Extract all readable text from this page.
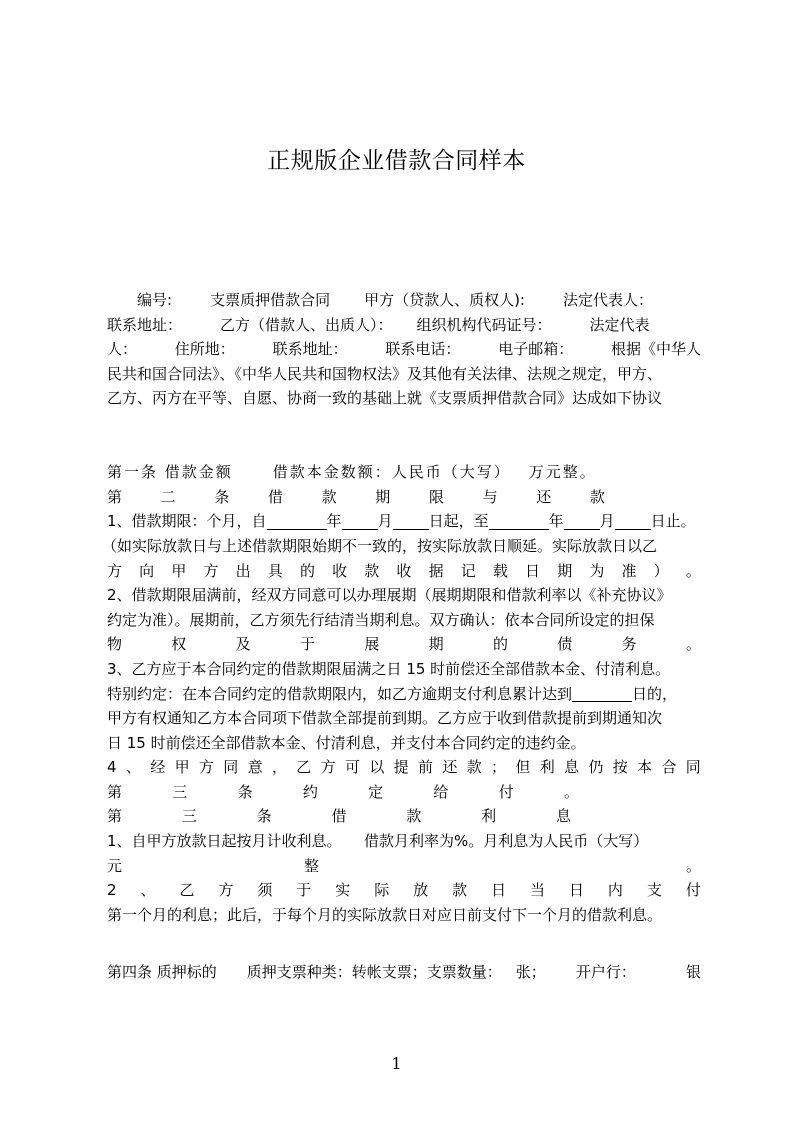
正规版企业借款合同样本
　　编号:	支票质押借款合同 甲方（贷款人、质权人):	法定代表人：
联系地址：	乙方（借款人、出质人）： 组织机构代码证号：	法定代表
人：	住所地：	联系地址：	联系电话：	电子邮箱：	根据《中华人
民共和国合同法》、《中华人民共和国物权法》及其他有关法律、法规之规定，甲方、
乙方、丙方在平等、自愿、协商一致的基础上就《支票质押借款合同》达成如下协议
第一条 借款金额	借款本金数额：人民币（大写） 万元整。
第	二	条	借	款	期	限	与	还	款
1、借款期限：个月，自	年 月 日起，至	年 月 日止。
（如实际放款日与上述借款期限始期不一致的，按实际放款日顺延。实际放款日以乙
方 向 甲 方 出 具 的 收 款 收 据 记 载 日 期 为 准 ） 。
2、借款期限届满前，经双方同意可以办理展期（展期期限和借款利率以《补充协议》
约定为准）。展期前，乙方须先行结清当期利息。双方确认：依本合同所设定的担保
物	权	及	于	展	期	的	债	务	。
3、乙方应于本合同约定的借款期限届满之日 15 时前偿还全部借款本金、付清利息。
特别约定：在本合同约定的借款期限内，如乙方逾期支付利息累计达到	日的，
甲方有权通知乙方本合同项下借款全部提前到期。乙方应于收到借款提前到期通知次
日 15 时前偿还全部借款本金、付清利息，并支付本合同约定的违约金。
4 、 经 甲 方 同 意 ， 乙 方 可 以 提 前 还 款 ； 但 利 息 仍 按 本 合 同
第	三	条	约	定	给	付	。
第	三	条	借	款	利	息
1、自甲方放款日起按月计收利息。　　借款月利率为%。月利息为人民币（大写）
元	整	。
2 、 乙 方 须 于 实 际 放 款 日 当 日 内 支 付
第一个月的利息；此后，于每个月的实际放款日对应日前支付下一个月的借款利息。
第四条 质押标的 质押支票种类：转帐支票；支票数量： 张； 开户行：	银
1
